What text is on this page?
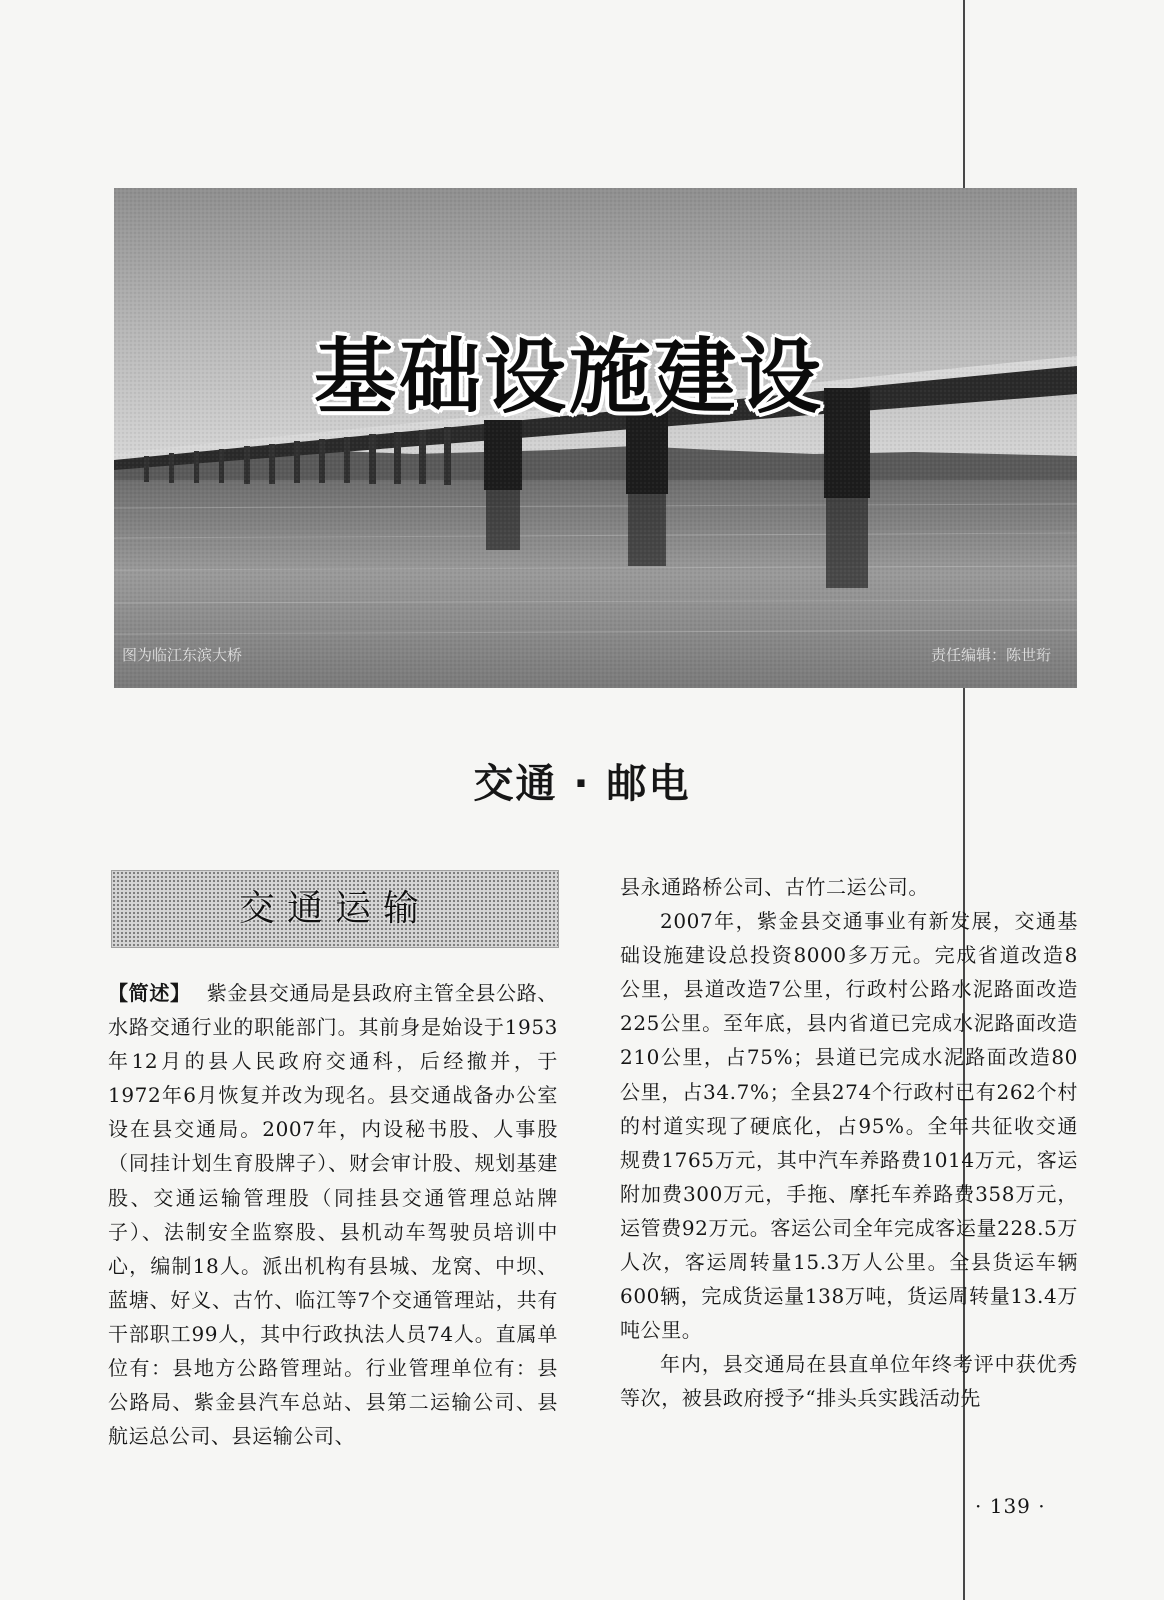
基础设施建设
图为临江东滨大桥	责任编辑：陈世珩
交通 · 邮电
交通运输

【简述】 紫金县交通局是县政府主管全县公路、水路交通行业的职能部门。其前身是始设于1953年12月的县人民政府交通科，后经撤并，于1972年6月恢复并改为现名。县交通战备办公室设在县交通局。2007年，内设秘书股、人事股（同挂计划生育股牌子）、财会审计股、规划基建股、交通运输管理股（同挂县交通管理总站牌子）、法制安全监察股、县机动车驾驶员培训中心，编制18人。派出机构有县城、龙窝、中坝、蓝塘、好义、古竹、临江等7个交通管理站，共有干部职工99人，其中行政执法人员74人。直属单位有：县地方公路管理站。行业管理单位有：县公路局、紫金县汽车总站、县第二运输公司、县航运总公司、县运输公司、

县永通路桥公司、古竹二运公司。

2007年，紫金县交通事业有新发展，交通基础设施建设总投资8000多万元。完成省道改造8公里，县道改造7公里，行政村公路水泥路面改造225公里。至年底，县内省道已完成水泥路面改造210公里，占75%；县道已完成水泥路面改造80公里，占34.7%；全县274个行政村已有262个村的村道实现了硬底化，占95%。全年共征收交通规费1765万元，其中汽车养路费1014万元，客运附加费300万元，手拖、摩托车养路费358万元，运管费92万元。客运公司全年完成客运量228.5万人次，客运周转量15.3万人公里。全县货运车辆600辆，完成货运量138万吨，货运周转量13.4万吨公里。

年内，县交通局在县直单位年终考评中获优秀等次，被县政府授予“排头兵实践活动先

· 139 ·
